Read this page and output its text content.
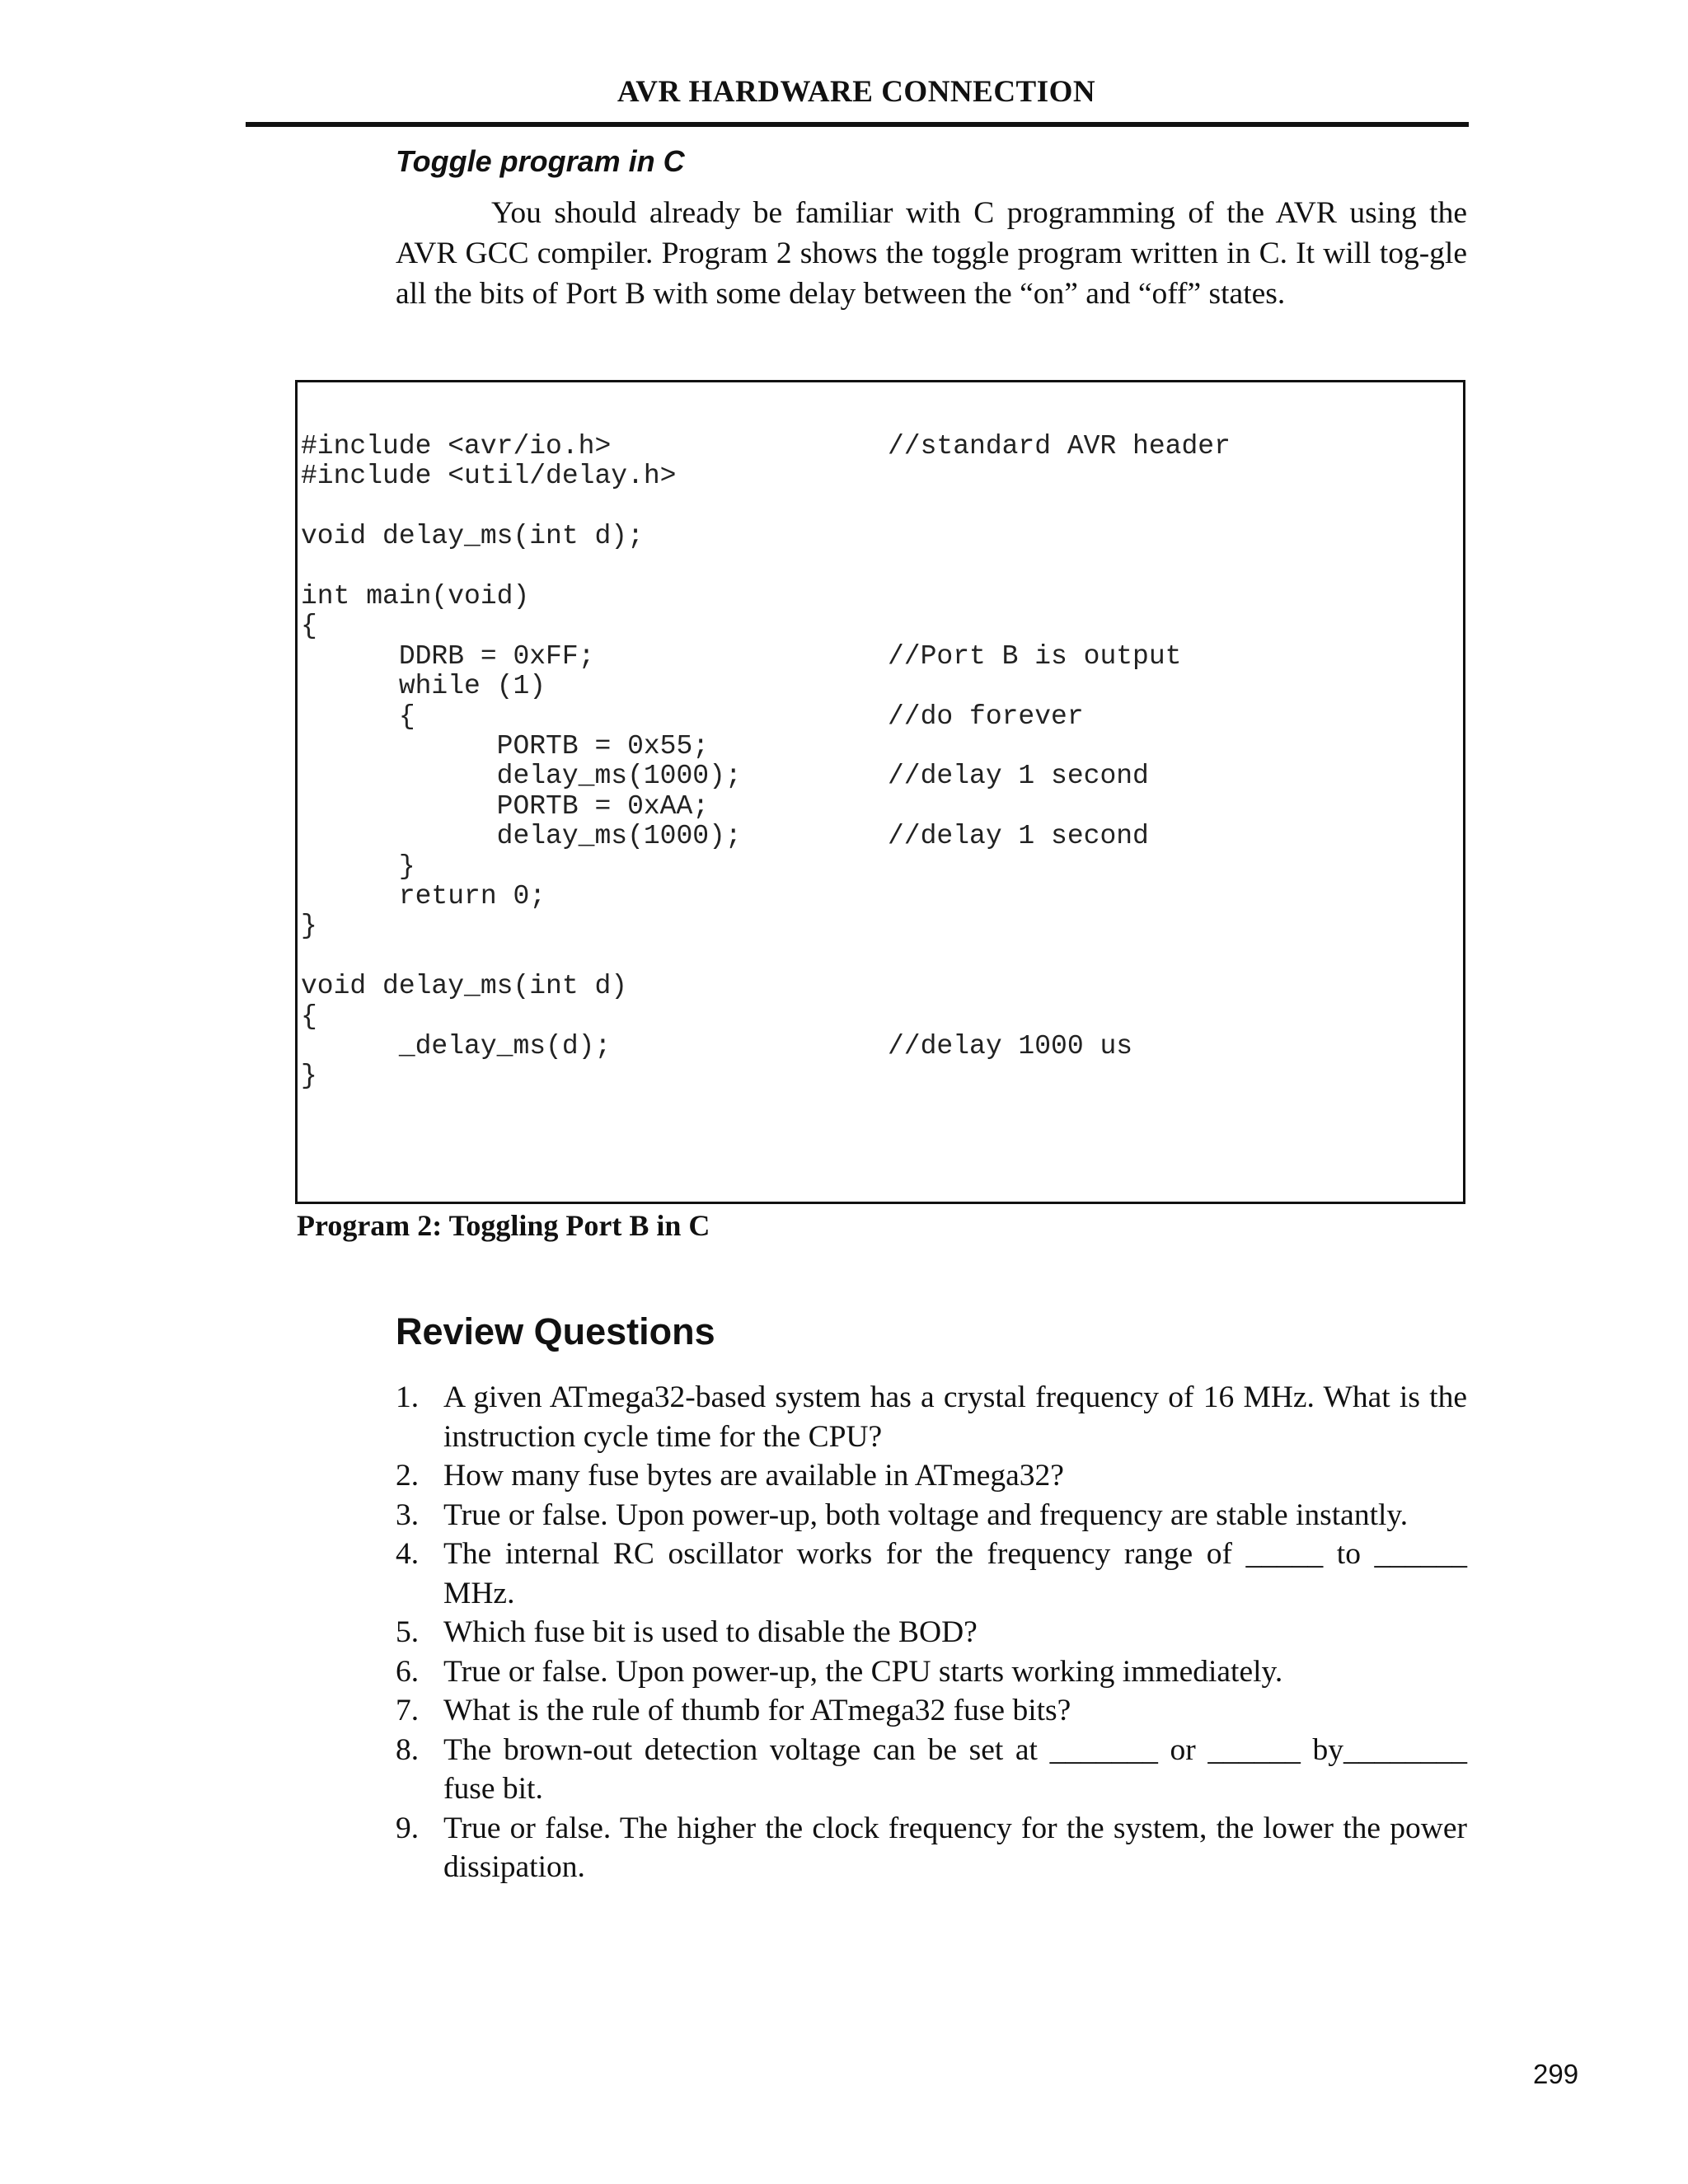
AVR HARDWARE CONNECTION
Toggle program in C
You should already be familiar with C programming of the AVR using the AVR GCC compiler. Program 2 shows the toggle program written in C. It will tog-gle all the bits of Port B with some delay between the “on” and “off” states.
#include <avr/io.h>	//standard AVR header
#include <util/delay.h>
void delay_ms(int d);
int main(void)
{
DDRB = 0xFF;	//Port B is output
while (1)
{	//do forever
PORTB = 0x55;
delay_ms(1000);	//delay 1 second
PORTB = 0xAA;
delay_ms(1000);	//delay 1 second
}
return 0;
}
void delay_ms(int d)
{
_delay_ms(d);	//delay 1000 us
}
Program 2: Toggling Port B in C
Review Questions
1. A given ATmega32-based system has a crystal frequency of 16 MHz. What is the instruction cycle time for the CPU?
2. How many fuse bytes are available in ATmega32?
3. True or false. Upon power-up, both voltage and frequency are stable instantly.
4. The internal RC oscillator works for the frequency range of _____ to ______ MHz.
5. Which fuse bit is used to disable the BOD?
6. True or false. Upon power-up, the CPU starts working immediately.
7. What is the rule of thumb for ATmega32 fuse bits?
8. The brown-out detection voltage can be set at _______ or ______ by________ fuse bit.
9. True or false. The higher the clock frequency for the system, the lower the power dissipation.
299
